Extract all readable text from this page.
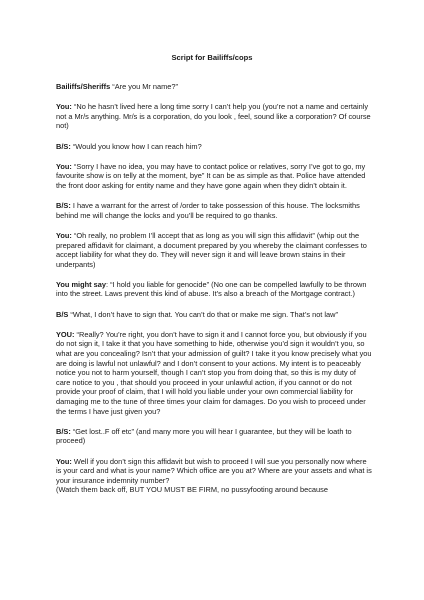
Script for Bailiffs/cops

Bailiffs/Sheriffs “Are you Mr name?”

You: “No he hasn’t lived here a long time sorry I can’t help you (you’re not a name and certainly not a Mr/s anything. Mr/s is a corporation, do you look , feel, sound like a corporation? Of course not)

B/S: “Would you know how I can reach him?

You: “Sorry I have no idea, you may have to contact police or relatives, sorry I’ve got to go, my favourite show is on telly at the moment, bye” It can be as simple as that. Police have attended the front door asking for entity name and they have gone again when they didn’t obtain it.

B/S: I have a warrant for the arrest of /order to take possession of this house. The locksmiths behind me will change the locks and you’ll be required to go thanks.

You: “Oh really, no problem I’ll accept that as long as you will sign this affidavit” (whip out the prepared affidavit for claimant, a document prepared by you whereby the claimant confesses to accept liability for what they do. They will never sign it and will leave brown stains in their underpants)

You might say: “I hold you liable for genocide” (No one can be compelled lawfully to be thrown into the street. Laws prevent this kind of abuse. It’s also a breach of the Mortgage contract.)

B/S “What, I don’t have to sign that. You can’t do that or make me sign. That’s not law”

YOU: “Really? You’re right, you don’t have to sign it and I cannot force you, but obviously if you do not sign it, I take it that you have something to hide, otherwise you’d sign it wouldn’t you, so what are you concealing? Isn’t that your admission of guilt? I take it you know precisely what you are doing is lawful not unlawful? and I don’t consent to your actions. My intent is to peaceably notice you not to harm yourself, though I can’t stop you from doing that, so this is my duty of care notice to you , that should you proceed in your unlawful action, if you cannot or do not provide your proof of claim, that I will hold you liable under your own commercial liability for damaging me to the tune of three times your claim for damages. Do you wish to proceed under the terms I have just given you?

B/S: “Get lost..F off etc” (and many more you will hear I guarantee, but they will be loath to proceed)

You: Well if you don’t sign this affidavit but wish to proceed I will sue you personally now where is your card and what is your name? Which office are you at? Where are your assets and what is your insurance indemnity number?
(Watch them back off, BUT YOU MUST BE FIRM, no pussyfooting around because
